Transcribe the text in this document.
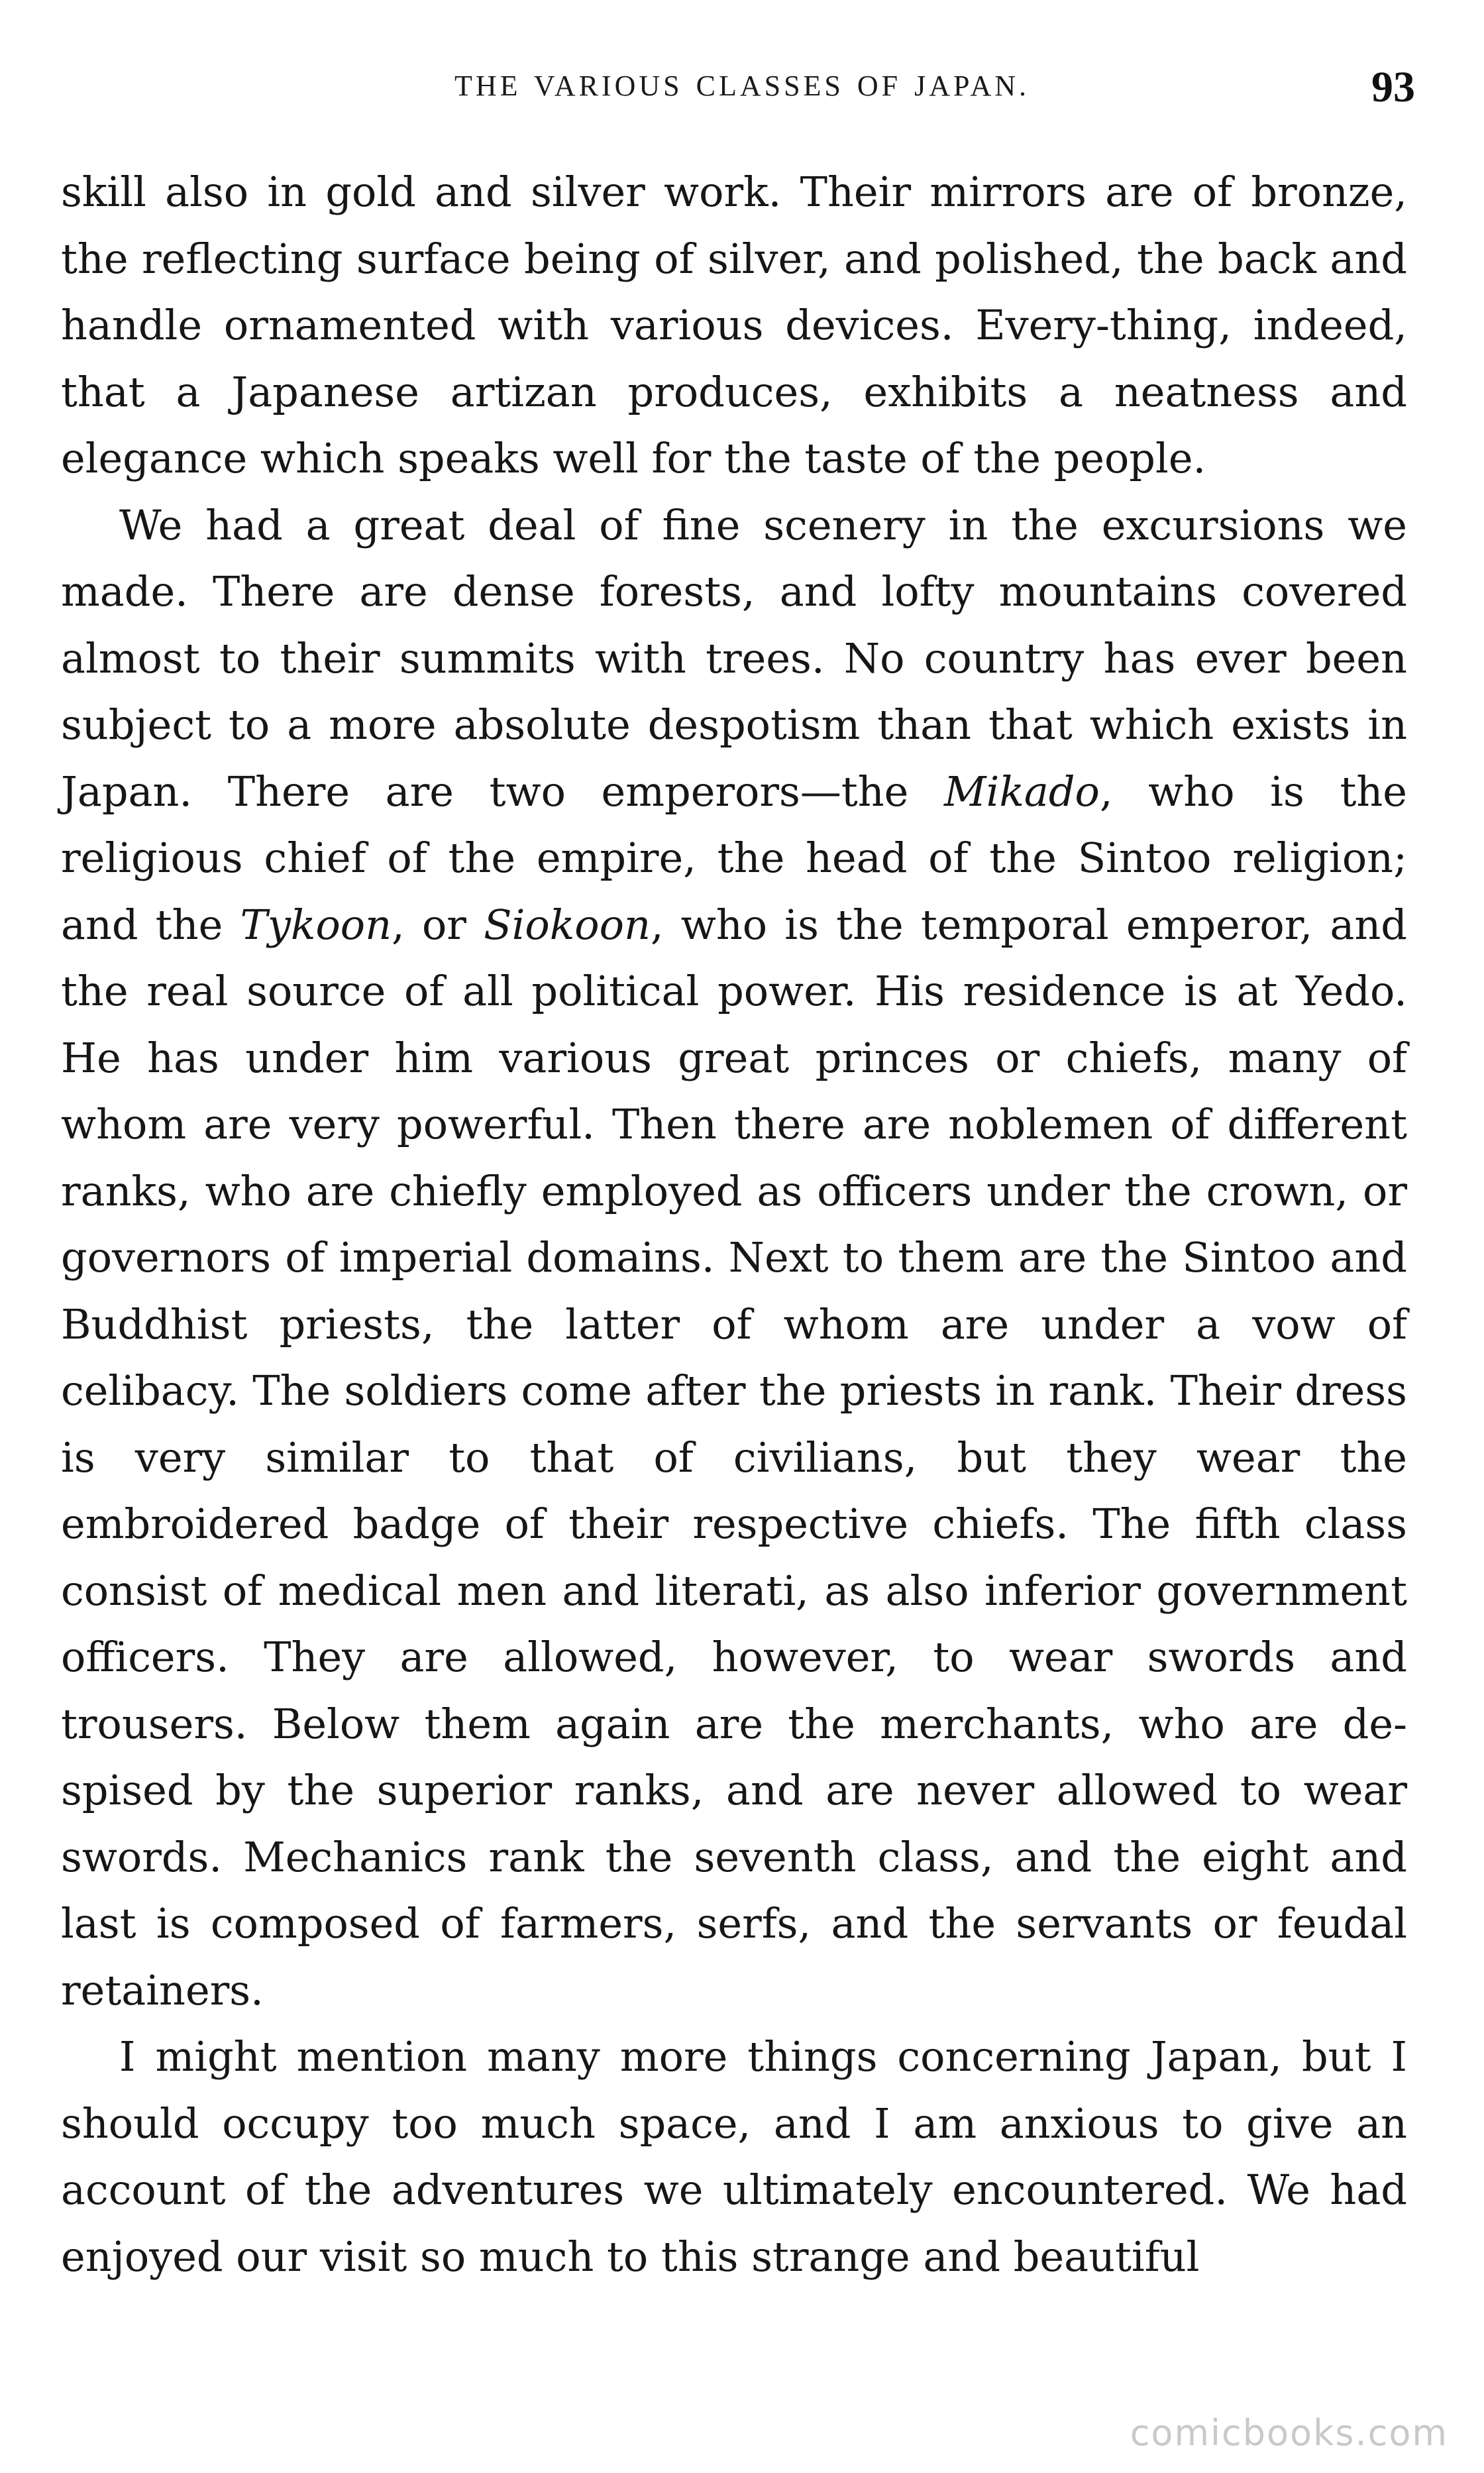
THE VARIOUS CLASSES OF JAPAN.	93

skill also in gold and silver work. Their mirrors are of bronze, the reflecting surface being of silver, and polished, the back and handle ornamented with various devices. Every-thing, indeed, that a Japanese artizan produces, exhibits a neatness and elegance which speaks well for the taste of the people.

We had a great deal of fine scenery in the excursions we made. There are dense forests, and lofty mountains covered almost to their summits with trees. No country has ever been subject to a more absolute despotism than that which exists in Japan. There are two emperors—the Mikado, who is the religious chief of the empire, the head of the Sintoo religion; and the Tykoon, or Siokoon, who is the temporal emperor, and the real source of all political power. His residence is at Yedo. He has under him various great princes or chiefs, many of whom are very powerful. Then there are noblemen of different ranks, who are chiefly employed as officers under the crown, or governors of imperial domains. Next to them are the Sintoo and Buddhist priests, the latter of whom are under a vow of celibacy. The soldiers come after the priests in rank. Their dress is very similar to that of civilians, but they wear the embroidered badge of their respective chiefs. The fifth class consist of medical men and literati, as also inferior government officers. They are allowed, however, to wear swords and trousers. Below them again are the merchants, who are de-spised by the superior ranks, and are never allowed to wear swords. Mechanics rank the seventh class, and the eight and last is composed of farmers, serfs, and the servants or feudal retainers.

I might mention many more things concerning Japan, but I should occupy too much space, and I am anxious to give an account of the adventures we ultimately encountered. We had enjoyed our visit so much to this strange and beautiful

comicbooks.com
